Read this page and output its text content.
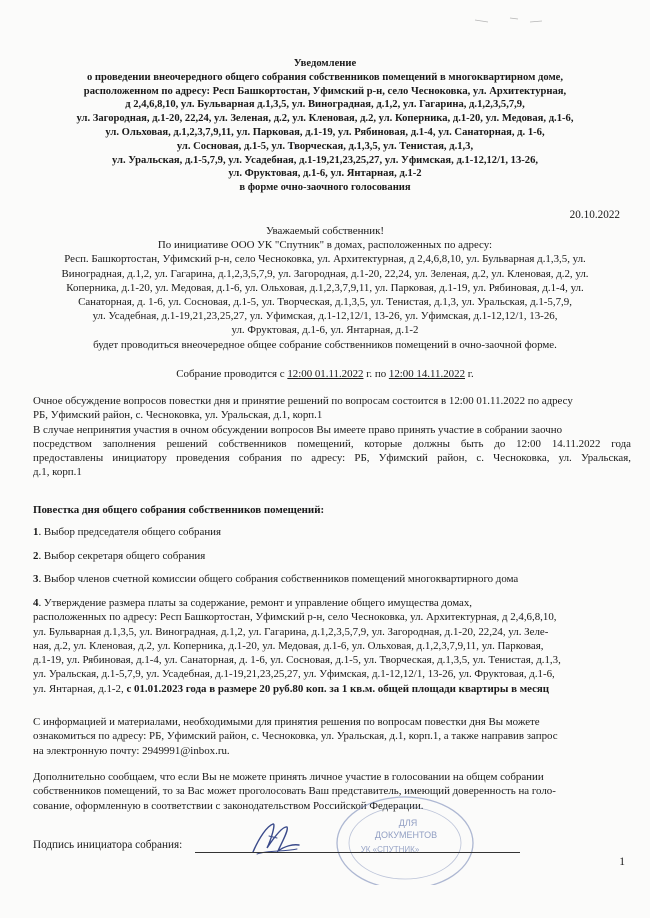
Уведомление
о проведении внеочередного общего собрания собственников помещений в многоквартирном доме,
расположенном по адресу: Респ Башкортостан, Уфимский р-н, село Чесноковка, ул. Архитектурная,
д 2,4,6,8,10, ул. Бульварная д.1,3,5, ул. Виноградная, д.1,2, ул. Гагарина, д.1,2,3,5,7,9,
ул. Загородная, д.1-20, 22,24, ул. Зеленая, д.2, ул. Кленовая, д.2, ул. Коперника, д.1-20, ул. Медовая, д.1-6,
ул. Ольховая, д.1,2,3,7,9,11, ул. Парковая, д.1-19, ул. Рябиновая, д.1-4, ул. Санаторная, д. 1-6,
ул. Сосновая, д.1-5, ул. Творческая, д.1,3,5, ул. Тенистая, д.1,3,
ул. Уральская, д.1-5,7,9, ул. Усадебная, д.1-19,21,23,25,27, ул. Уфимская, д.1-12,12/1, 13-26,
ул. Фруктовая, д.1-6, ул. Янтарная, д.1-2
в форме очно-заочного голосования
20.10.2022
Уважаемый собственник!
По инициативе ООО УК "Спутник" в домах, расположенных по адресу:
Респ. Башкортостан, Уфимский р-н, село Чесноковка, ул. Архитектурная, д 2,4,6,8,10, ул. Бульварная д.1,3,5, ул.
Виноградная, д.1,2, ул. Гагарина, д.1,2,3,5,7,9, ул. Загородная, д.1-20, 22,24, ул. Зеленая, д.2, ул. Кленовая, д.2, ул.
Коперника, д.1-20, ул. Медовая, д.1-6, ул. Ольховая, д.1,2,3,7,9,11, ул. Парковая, д.1-19, ул. Рябиновая, д.1-4, ул.
Санаторная, д. 1-6, ул. Сосновая, д.1-5, ул. Творческая, д.1,3,5, ул. Тенистая, д.1,3, ул. Уральская, д.1-5,7,9,
ул. Усадебная, д.1-19,21,23,25,27, ул. Уфимская, д.1-12,12/1, 13-26, ул. Уфимская, д.1-12,12/1, 13-26,
ул. Фруктовая, д.1-6, ул. Янтарная, д.1-2
будет проводиться внеочередное общее собрание собственников помещений в очно-заочной форме.
Собрание проводится с 12:00 01.11.2022 г. по 12:00 14.11.2022 г.
Очное обсуждение вопросов повестки дня и принятие решений по вопросам состоится в 12:00 01.11.2022 по адресу
РБ, Уфимский район, с. Чесноковка, ул. Уральская, д.1, корп.1
В случае непринятия участия в очном обсуждении вопросов Вы имеете право принять участие в собрании заочно
посредством заполнения решений собственников помещений, которые должны быть до 12:00 14.11.2022 года
предоставлены инициатору проведения собрания по адресу: РБ, Уфимский район, с. Чесноковка, ул. Уральская,
д.1, корп.1
Повестка дня общего собрания собственников помещений:
1. Выбор председателя общего собрания
2. Выбор секретаря общего собрания
3. Выбор членов счетной комиссии общего собрания собственников помещений многоквартирного дома
4. Утверждение размера платы за содержание, ремонт и управление общего имущества домах,
расположенных по адресу: Респ Башкортостан, Уфимский р-н, село Чесноковка, ул. Архитектурная, д 2,4,6,8,10,
ул. Бульварная д.1,3,5, ул. Виноградная, д.1,2, ул. Гагарина, д.1,2,3,5,7,9, ул. Загородная, д.1-20, 22,24, ул. Зеле-
ная, д.2, ул. Кленовая, д.2, ул. Коперника, д.1-20, ул. Медовая, д.1-6, ул. Ольховая, д.1,2,3,7,9,11, ул. Парковая,
д.1-19, ул. Рябиновая, д.1-4, ул. Санаторная, д. 1-6, ул. Сосновая, д.1-5, ул. Творческая, д.1,3,5, ул. Тенистая, д.1,3,
ул. Уральская, д.1-5,7,9, ул. Усадебная, д.1-19,21,23,25,27, ул. Уфимская, д.1-12,12/1, 13-26, ул. Фруктовая, д.1-6,
ул. Янтарная, д.1-2, с 01.01.2023 года в размере 20 руб.80 коп. за 1 кв.м. общей площади квартиры в месяц
С информацией и материалами, необходимыми для принятия решения по вопросам повестки дня Вы можете
ознакомиться по адресу: РБ, Уфимский район, с. Чесноковка, ул. Уральская, д.1, корп.1, а также направив запрос
на электронную почту: 2949991@inbox.ru.
Дополнительно сообщаем, что если Вы не можете принять личное участие в голосовании на общем собрании
собственников помещений, то за Вас может проголосовать Ваш представитель, имеющий доверенность на голо-
сование, оформленную в соответствии с законодательством Российской Федерации.
ДЛЯ
ДОКУМЕНТОВ
УК «СПУТНИК»
Подпись инициатора собрания:
1
